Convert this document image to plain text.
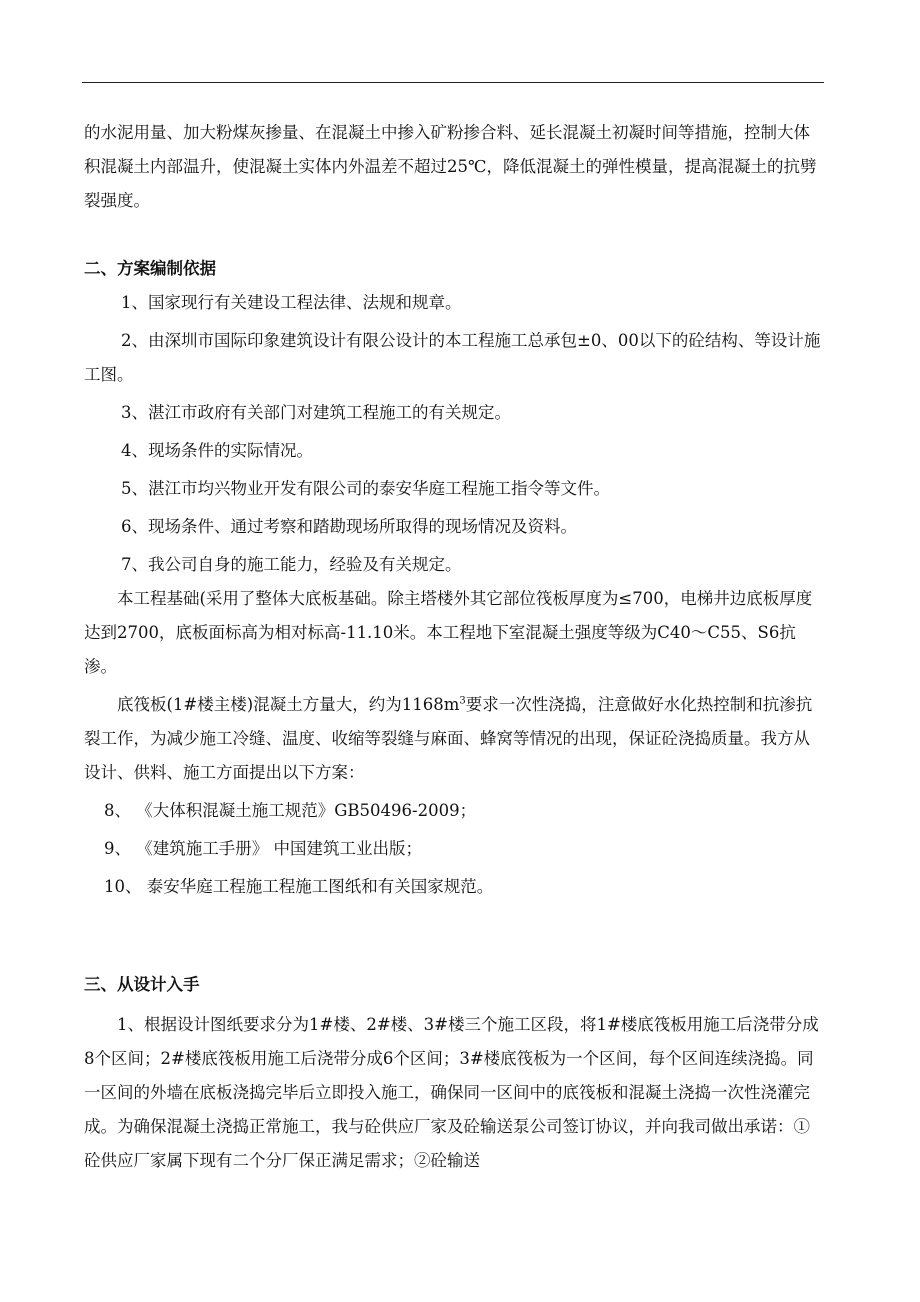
的水泥用量、加大粉煤灰掺量、在混凝土中掺入矿粉掺合料、延长混凝土初凝时间等措施，控制大体积混凝土内部温升，使混凝土实体内外温差不超过25℃，降低混凝土的弹性模量，提高混凝土的抗劈裂强度。

二、方案编制依据

1、国家现行有关建设工程法律、法规和规章。

2、由深圳市国际印象建筑设计有限公设计的本工程施工总承包±0、00以下的砼结构、等设计施工图。

3、湛江市政府有关部门对建筑工程施工的有关规定。

4、现场条件的实际情况。

5、湛江市均兴物业开发有限公司的泰安华庭工程施工指令等文件。

6、现场条件、通过考察和踏勘现场所取得的现场情况及资料。

7、我公司自身的施工能力，经验及有关规定。

本工程基础(采用了整体大底板基础。除主塔楼外其它部位筏板厚度为≤700，电梯井边底板厚度达到2700，底板面标高为相对标高-11.10米。本工程地下室混凝土强度等级为C40～C55、S6抗渗。

底筏板(1#楼主楼)混凝土方量大，约为$1168m^3$要求一次性浇捣，注意做好水化热控制和抗渗抗裂工作，为减少施工冷缝、温度、收缩等裂缝与麻面、蜂窝等情况的出现，保证砼浇捣质量。我方从设计、供料、施工方面提出以下方案：

8、 《大体积混凝土施工规范》GB50496-2009；

9、 《建筑施工手册》 中国建筑工业出版；

10、 泰安华庭工程施工程施工图纸和有关国家规范。

三、从设计入手

1、根据设计图纸要求分为1#楼、2#楼、3#楼三个施工区段，将1#楼底筏板用施工后浇带分成8个区间；2#楼底筏板用施工后浇带分成6个区间；3#楼底筏板为一个区间，每个区间连续浇捣。同一区间的外墙在底板浇捣完毕后立即投入施工，确保同一区间中的底筏板和混凝土浇捣一次性浇灌完成。为确保混凝土浇捣正常施工，我与砼供应厂家及砼输送泵公司签订协议，并向我司做出承诺：①砼供应厂家属下现有二个分厂保正满足需求；②砼输送
